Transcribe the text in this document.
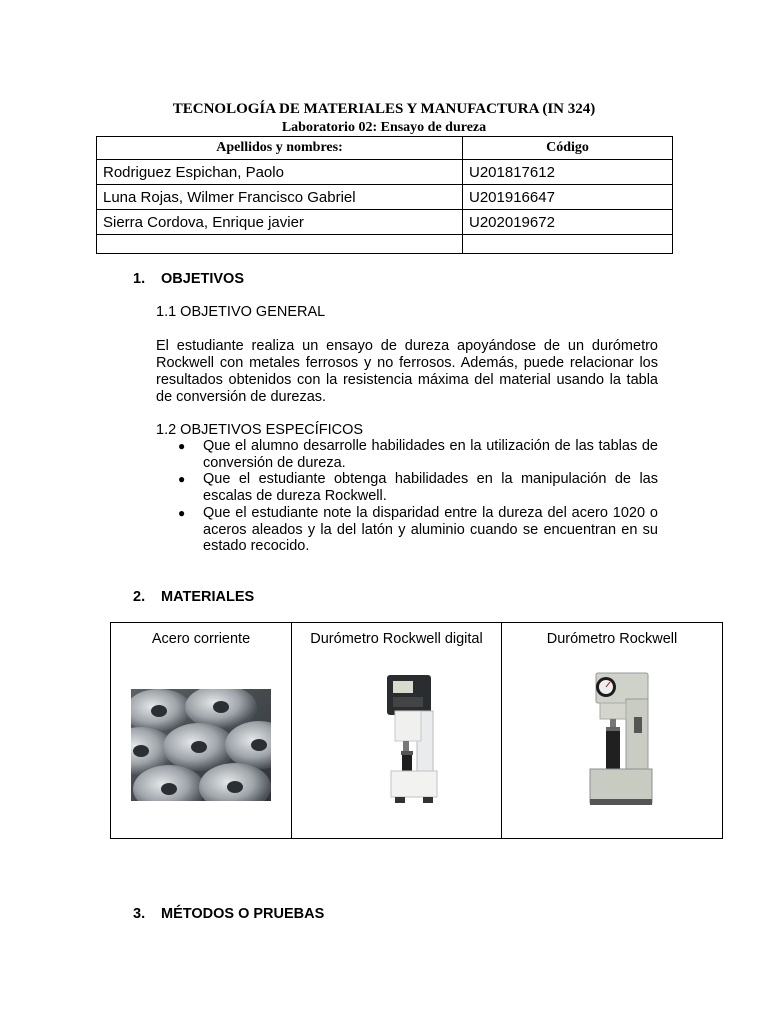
TECNOLOGÍA DE MATERIALES Y MANUFACTURA (IN 324)
Laboratorio 02: Ensayo de dureza
Apellidos y nombres:	Código
Rodriguez Espichan, Paolo	U201817612
Luna Rojas, Wilmer Francisco Gabriel	U201916647
Sierra Cordova, Enrique javier	U202019672

1. OBJETIVOS
1.1 OBJETIVO GENERAL
El estudiante realiza un ensayo de dureza apoyándose de un durómetro Rockwell con metales ferrosos y no ferrosos. Además, puede relacionar los resultados obtenidos con la resistencia máxima del material usando la tabla de conversión de durezas.
1.2 OBJETIVOS ESPECÍFICOS
● Que el alumno desarrolle habilidades en la utilización de las tablas de conversión de dureza.
● Que el estudiante obtenga habilidades en la manipulación de las escalas de dureza Rockwell.
● Que el estudiante note la disparidad entre la dureza del acero 1020 o aceros aleados y la del latón y aluminio cuando se encuentran en su estado recocido.
2. MATERIALES
Acero corriente	Durómetro Rockwell digital	Durómetro Rockwell
3. MÉTODOS O PRUEBAS
